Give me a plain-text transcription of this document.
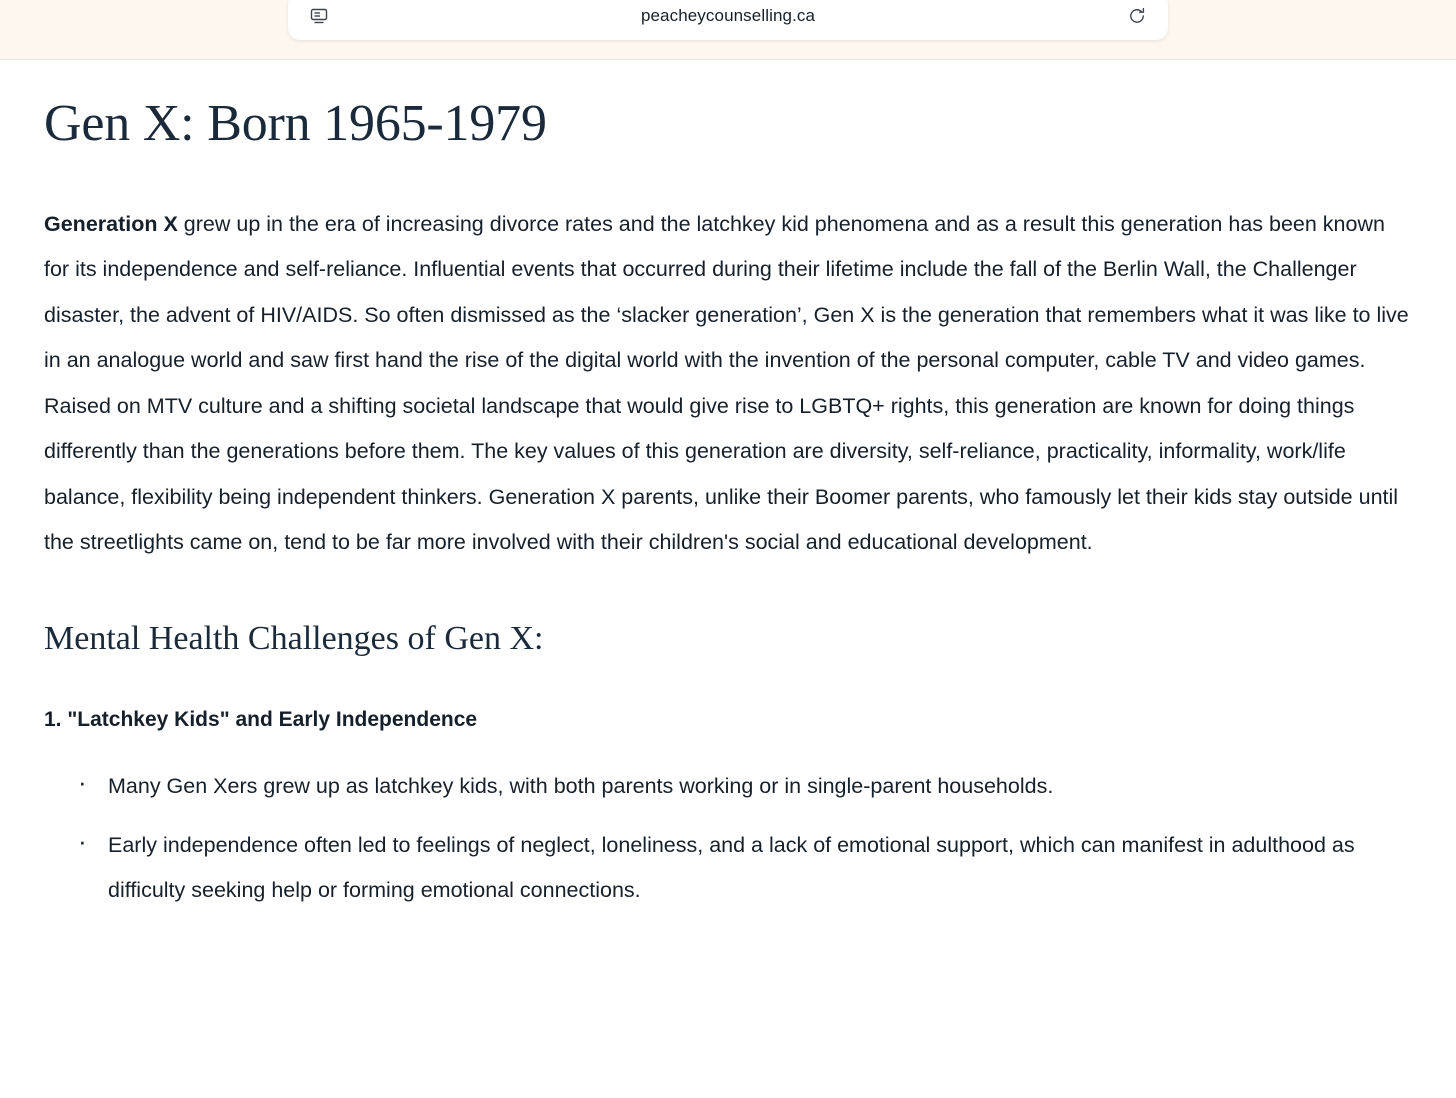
peacheycounselling.ca
Gen X: Born 1965-1979

Generation X grew up in the era of increasing divorce rates and the latchkey kid phenomena and as a result this generation has been known for its independence and self-reliance. Influential events that occurred during their lifetime include the fall of the Berlin Wall, the Challenger disaster, the advent of HIV/AIDS. So often dismissed as the ‘slacker generation’, Gen X is the generation that remembers what it was like to live in an analogue world and saw first hand the rise of the digital world with the invention of the personal computer, cable TV and video games. Raised on MTV culture and a shifting societal landscape that would give rise to LGBTQ+ rights, this generation are known for doing things differently than the generations before them. The key values of this generation are diversity, self-reliance, practicality, informality, work/life balance, flexibility being independent thinkers. Generation X parents, unlike their Boomer parents, who famously let their kids stay outside until the streetlights came on, tend to be far more involved with their children's social and educational development.

Mental Health Challenges of Gen X:
1. "Latchkey Kids" and Early Independence
· Many Gen Xers grew up as latchkey kids, with both parents working or in single-parent households.
· Early independence often led to feelings of neglect, loneliness, and a lack of emotional support, which can manifest in adulthood as difficulty seeking help or forming emotional connections.
